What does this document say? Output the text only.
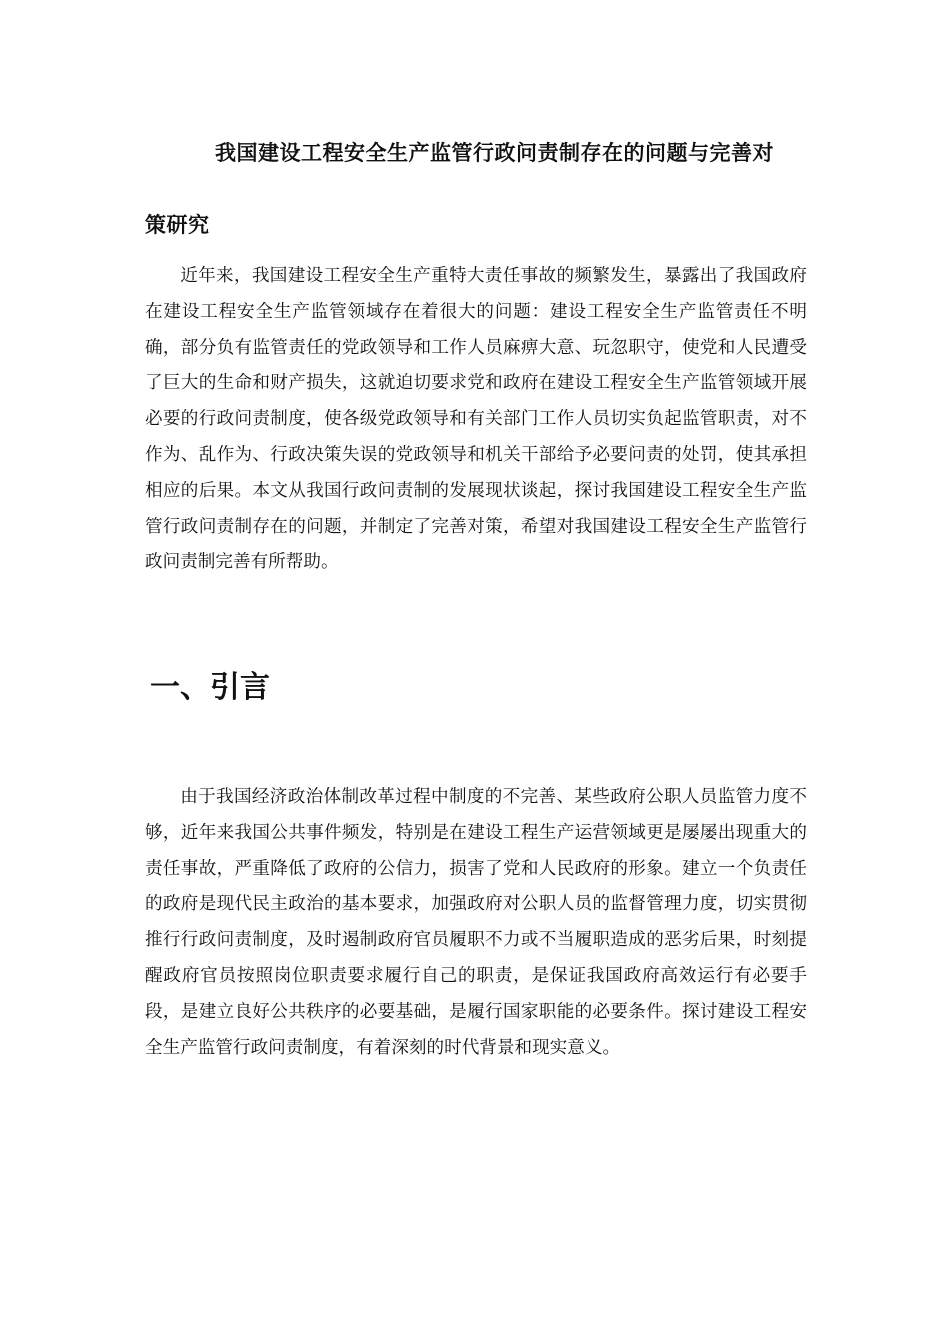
我国建设工程安全生产监管行政问责制存在的问题与完善对
策研究

近年来，我国建设工程安全生产重特大责任事故的频繁发生，暴露出了我国政府在建设工程安全生产监管领域存在着很大的问题：建设工程安全生产监管责任不明确，部分负有监管责任的党政领导和工作人员麻痹大意、玩忽职守，使党和人民遭受了巨大的生命和财产损失，这就迫切要求党和政府在建设工程安全生产监管领域开展必要的行政问责制度，使各级党政领导和有关部门工作人员切实负起监管职责，对不作为、乱作为、行政决策失误的党政领导和机关干部给予必要问责的处罚，使其承担相应的后果。本文从我国行政问责制的发展现状谈起，探讨我国建设工程安全生产监管行政问责制存在的问题，并制定了完善对策，希望对我国建设工程安全生产监管行政问责制完善有所帮助。

一、引言

由于我国经济政治体制改革过程中制度的不完善、某些政府公职人员监管力度不够，近年来我国公共事件频发，特别是在建设工程生产运营领域更是屡屡出现重大的责任事故，严重降低了政府的公信力，损害了党和人民政府的形象。建立一个负责任的政府是现代民主政治的基本要求，加强政府对公职人员的监督管理力度，切实贯彻推行行政问责制度，及时遏制政府官员履职不力或不当履职造成的恶劣后果，时刻提醒政府官员按照岗位职责要求履行自己的职责，是保证我国政府高效运行有必要手段，是建立良好公共秩序的必要基础，是履行国家职能的必要条件。探讨建设工程安全生产监管行政问责制度，有着深刻的时代背景和现实意义。
